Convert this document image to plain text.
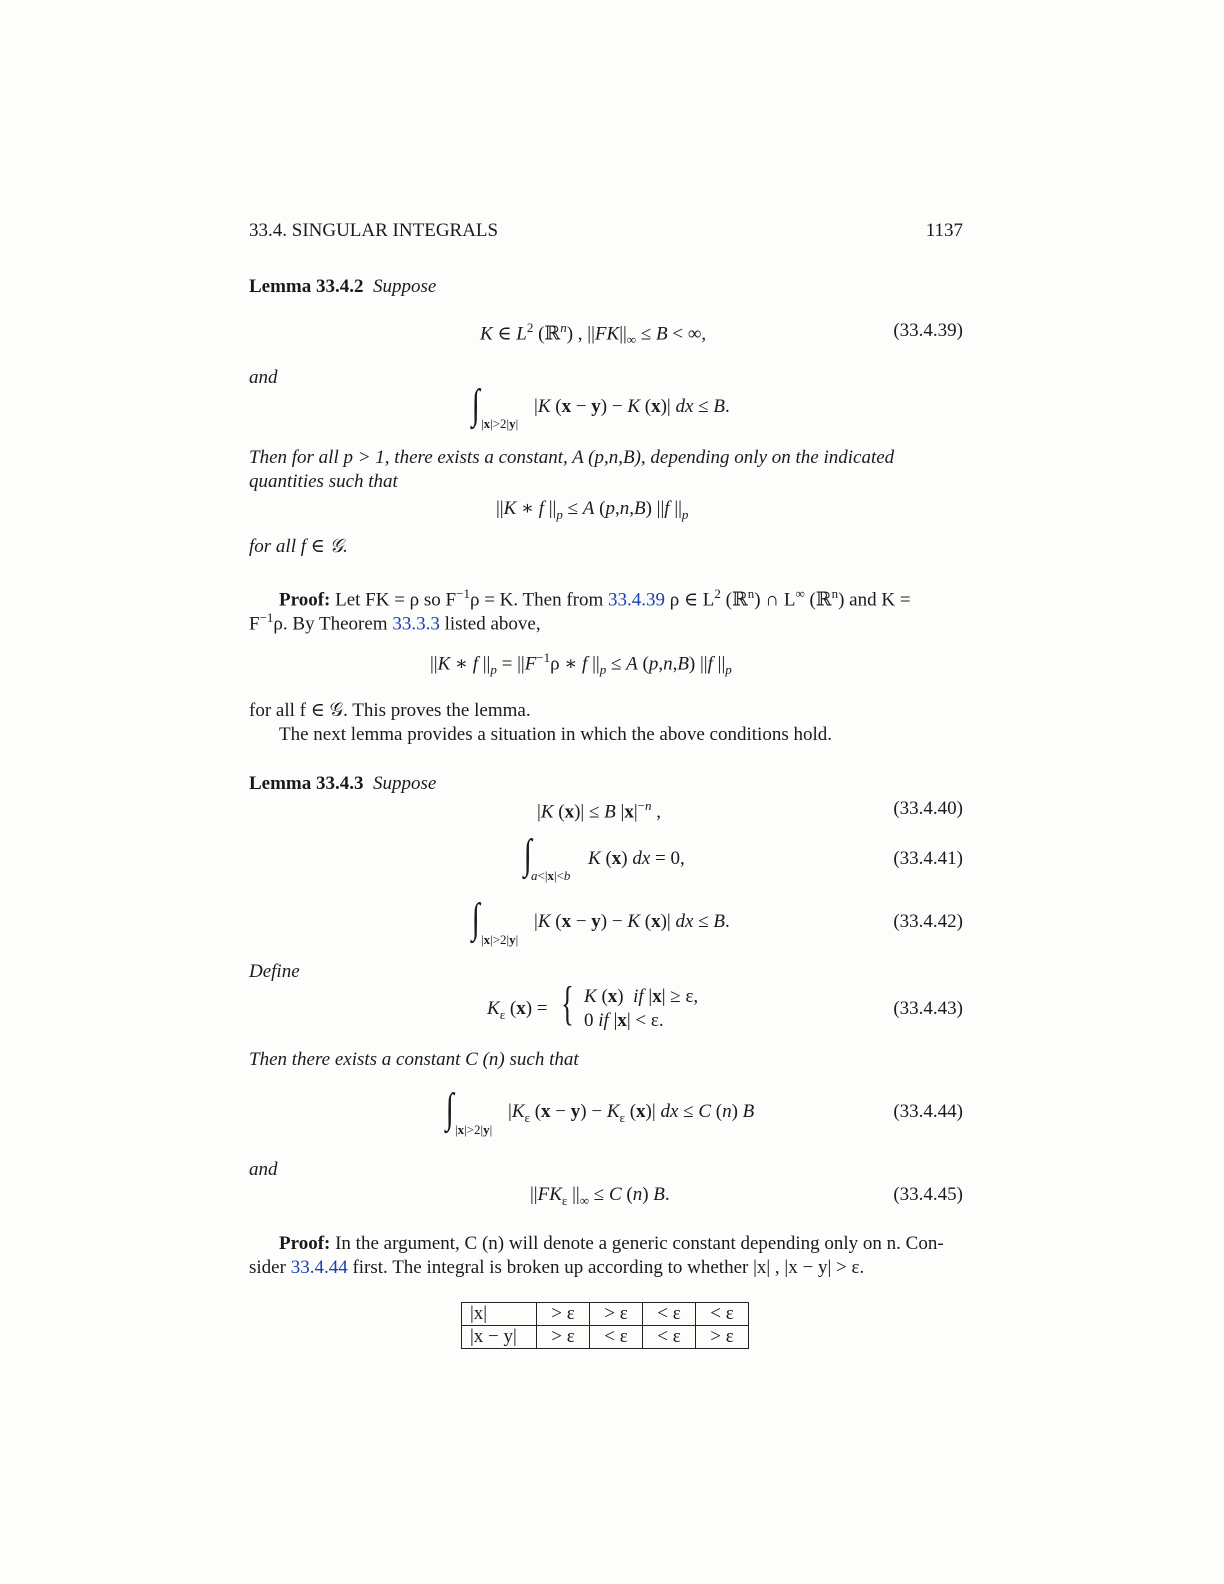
33.4. SINGULAR INTEGRALS	1137
Lemma 33.4.2 Suppose
K ∈ $L^2$ (ℝ$^n$) , $||FK||_\infty \le B$ < ∞,	(33.4.39)
and
∫ |x|>2|y|
|K (x − y) − K (x)| dx ≤ B.
Then for all p > 1, there exists a constant, A (p,n,B), depending only on the indicated
quantities such that
||K ∗ f $||_p \le A$ (p,n,B) ||f $||_p$
for all f ∈ 𝒢.
Proof: Let FK = ρ so $F^{-1}\rho = K$. Then from 33.4.39 ρ ∈ $L^2$ (ℝ$^n$) ∩ L∞ (ℝ$^n$) and K =
$F^{-1}\rho$. By Theorem 33.3.3 listed above,
||K ∗ f $||_p = ||F^{-1}\rho$ ∗ f $||_p \le A$ (p,n,B) ||f $||_p$
for all f ∈ 𝒢. This proves the lemma.
The next lemma provides a situation in which the above conditions hold.
Lemma 33.4.3 Suppose
|K (x)| ≤ B $|x|^{-n}$ ,	(33.4.40)
∫ a<|x|<b
K (x) dx = 0,	(33.4.41)
∫ |x|>2|y|
|K (x − y) − K (x)| dx ≤ B.	(33.4.42)
Define
$K_\varepsilon$ (x) = { K (x)  if |x| ≥ ε,
0 if |x| < ε.
(33.4.43)
Then there exists a constant C (n) such that
∫ |x|>2|y|
$|K_\varepsilon$ $(x - y) - K_\varepsilon$ (x)| dx ≤ C (n) B	(33.4.44)
and
$||FK_\varepsilon$ $||_\infty \le C$ (n) B.	(33.4.45)
Proof: In the argument, C (n) will denote a generic constant depending only on n. Con-
sider 33.4.44 first. The integral is broken up according to whether |x| , |x − y| > ε.
|x|	> ε	> ε	< ε	< ε
|x − y|	> ε	< ε	< ε	> ε
